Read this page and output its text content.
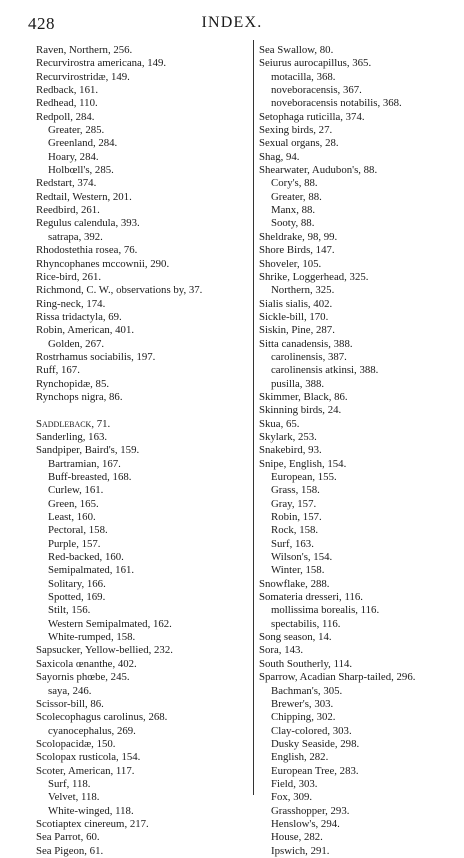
428	INDEX.
Raven, Northern, 256.
Recurvirostra americana, 149.
Recurvirostridæ, 149.
Redback, 161.
Redhead, 110.
Redpoll, 284.
Greater, 285.
Greenland, 284.
Hoary, 284.
Holbœll's, 285.
Redstart, 374.
Redtail, Western, 201.
Reedbird, 261.
Regulus calendula, 393.
satrapa, 392.
Rhodostethia rosea, 76.
Rhyncophanes mccownii, 290.
Rice-bird, 261.
Richmond, C. W., observations by, 37.
Ring-neck, 174.
Rissa tridactyla, 69.
Robin, American, 401.
Golden, 267.
Rostrhamus sociabilis, 197.
Ruff, 167.
Rynchopidæ, 85.
Rynchops nigra, 86.
Saddleback, 71.
Sanderling, 163.
Sandpiper, Baird's, 159.
Bartramian, 167.
Buff-breasted, 168.
Curlew, 161.
Green, 165.
Least, 160.
Pectoral, 158.
Purple, 157.
Red-backed, 160.
Semipalmated, 161.
Solitary, 166.
Spotted, 169.
Stilt, 156.
Western Semipalmated, 162.
White-rumped, 158.
Sapsucker, Yellow-bellied, 232.
Saxicola œnanthe, 402.
Sayornis phœbe, 245.
saya, 246.
Scissor-bill, 86.
Scolecophagus carolinus, 268.
cyanocephalus, 269.
Scolopacidæ, 150.
Scolopax rusticola, 154.
Scoter, American, 117.
Surf, 118.
Velvet, 118.
White-winged, 118.
Scotiaptex cinereum, 217.
Sea Parrot, 60.
Sea Pigeon, 61.
Sea Swallow, 80.
Seiurus aurocapillus, 365.
motacilla, 368.
noveboracensis, 367.
noveboracensis notabilis, 368.
Setophaga ruticilla, 374.
Sexing birds, 27.
Sexual organs, 28.
Shag, 94.
Shearwater, Audubon's, 88.
Cory's, 88.
Greater, 88.
Manx, 88.
Sooty, 88.
Sheldrake, 98, 99.
Shore Birds, 147.
Shoveler, 105.
Shrike, Loggerhead, 325.
Northern, 325.
Sialis sialis, 402.
Sickle-bill, 170.
Siskin, Pine, 287.
Sitta canadensis, 388.
carolinensis, 387.
carolinensis atkinsi, 388.
pusilla, 388.
Skimmer, Black, 86.
Skinning birds, 24.
Skua, 65.
Skylark, 253.
Snakebird, 93.
Snipe, English, 154.
European, 155.
Grass, 158.
Gray, 157.
Robin, 157.
Rock, 158.
Surf, 163.
Wilson's, 154.
Winter, 158.
Snowflake, 288.
Somateria dresseri, 116.
mollissima borealis, 116.
spectabilis, 116.
Song season, 14.
Sora, 143.
South Southerly, 114.
Sparrow, Acadian Sharp-tailed, 296.
Bachman's, 305.
Brewer's, 303.
Chipping, 302.
Clay-colored, 303.
Dusky Seaside, 298.
English, 282.
European Tree, 283.
Field, 303.
Fox, 309.
Grasshopper, 293.
Henslow's, 294.
House, 282.
Ipswich, 291.
